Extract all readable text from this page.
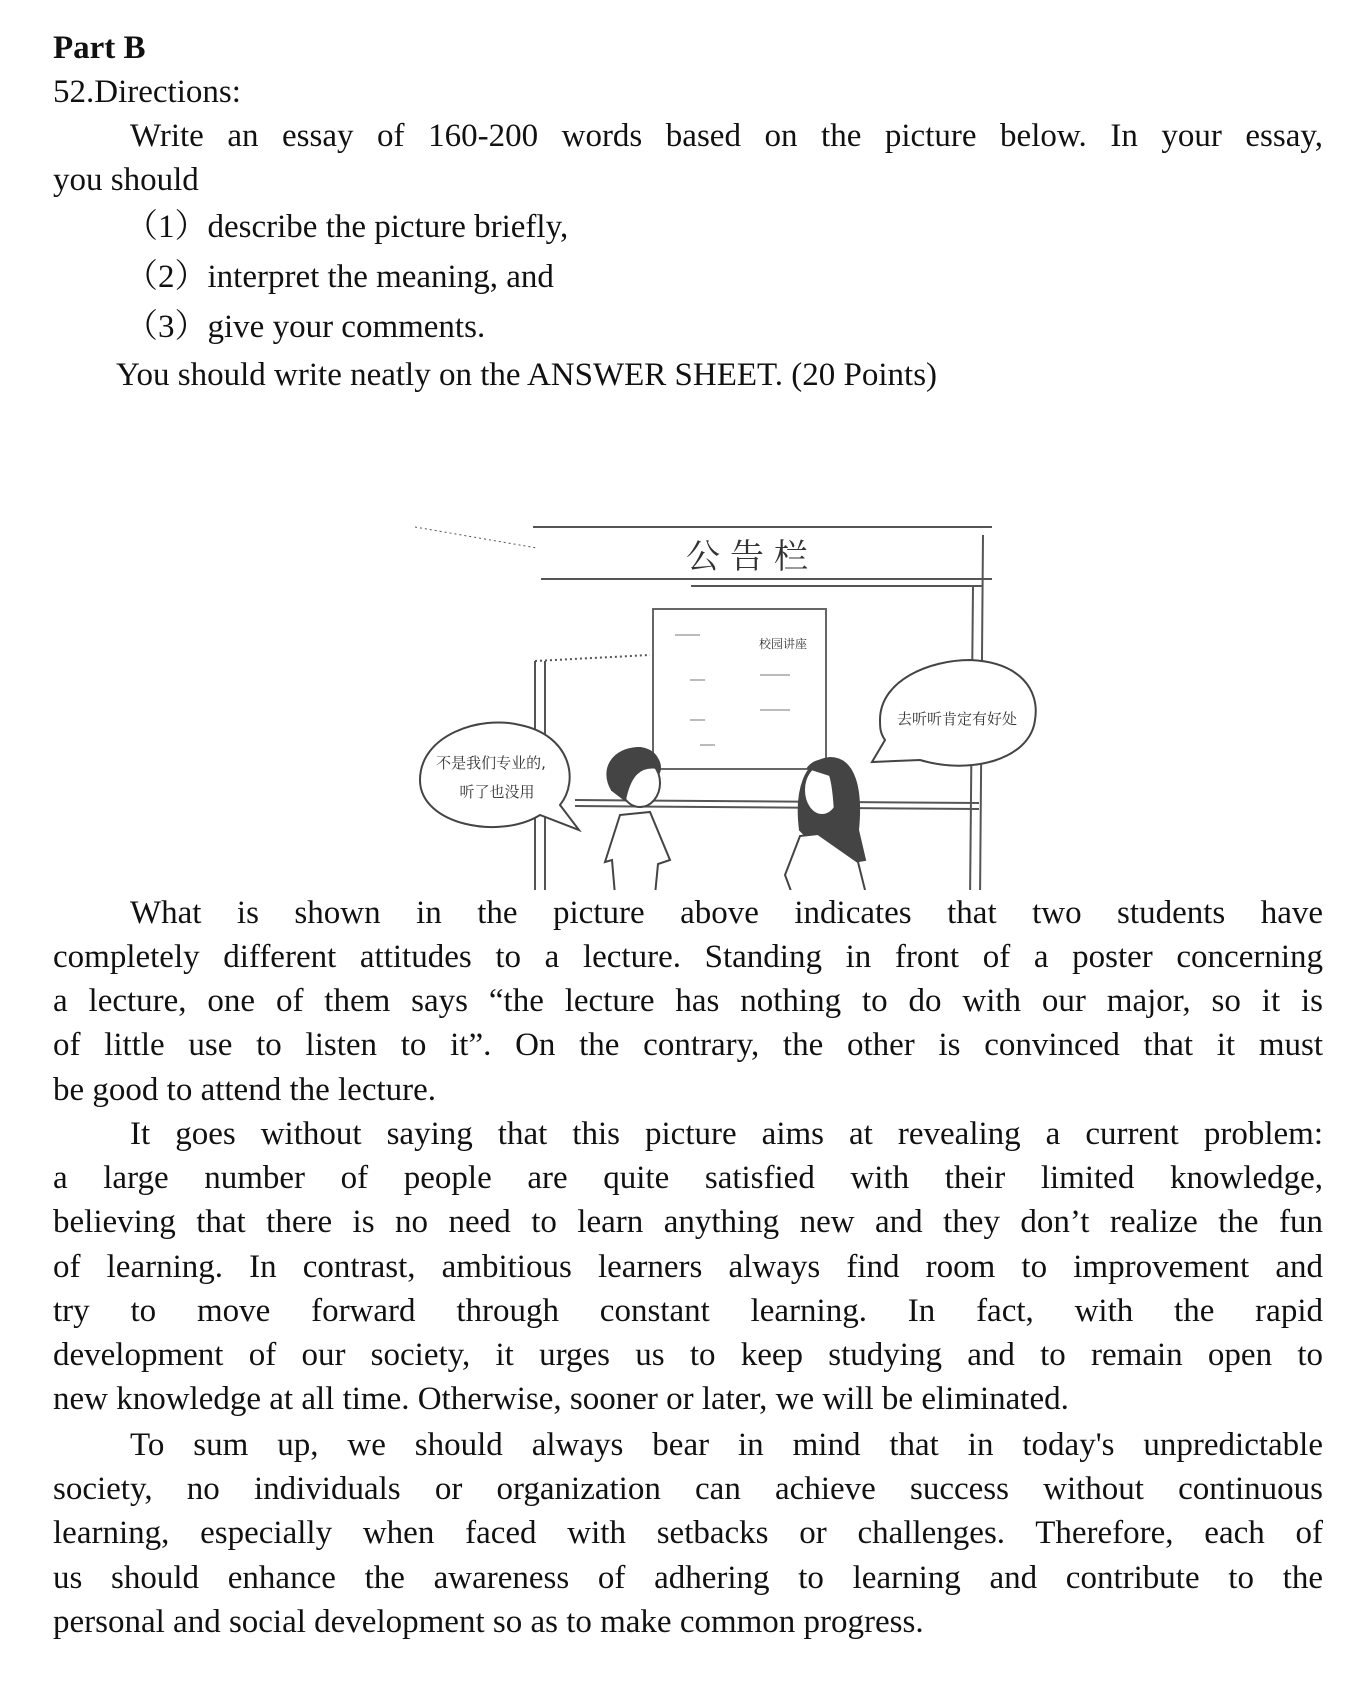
Part B
52.Directions:
Write an essay of 160-200 words based on the picture below. In your essay,
you should
（1）describe the picture briefly,
（2）interpret the meaning, and
（3）give your comments.
You should write neatly on the ANSWER SHEET. (20 Points)
公告栏
校园讲座
不是我们专业的,
听了也没用
去听听肯定有好处
What is shown in the picture above indicates that two students have
completely different attitudes to a lecture. Standing in front of a poster concerning
a lecture, one of them says “the lecture has nothing to do with our major, so it is
of little use to listen to it”. On the contrary, the other is convinced that it must
be good to attend the lecture.
It goes without saying that this picture aims at revealing a current problem:
a large number of people are quite satisfied with their limited knowledge,
believing that there is no need to learn anything new and they don’t realize the fun
of learning. In contrast, ambitious learners always find room to improvement and
try to move forward through constant learning. In fact, with the rapid
development of our society, it urges us to keep studying and to remain open to
new knowledge at all time. Otherwise, sooner or later, we will be eliminated.
To sum up, we should always bear in mind that in today's unpredictable
society, no individuals or organization can achieve success without continuous
learning, especially when faced with setbacks or challenges. Therefore, each of
us should enhance the awareness of adhering to learning and contribute to the
personal and social development so as to make common progress.
